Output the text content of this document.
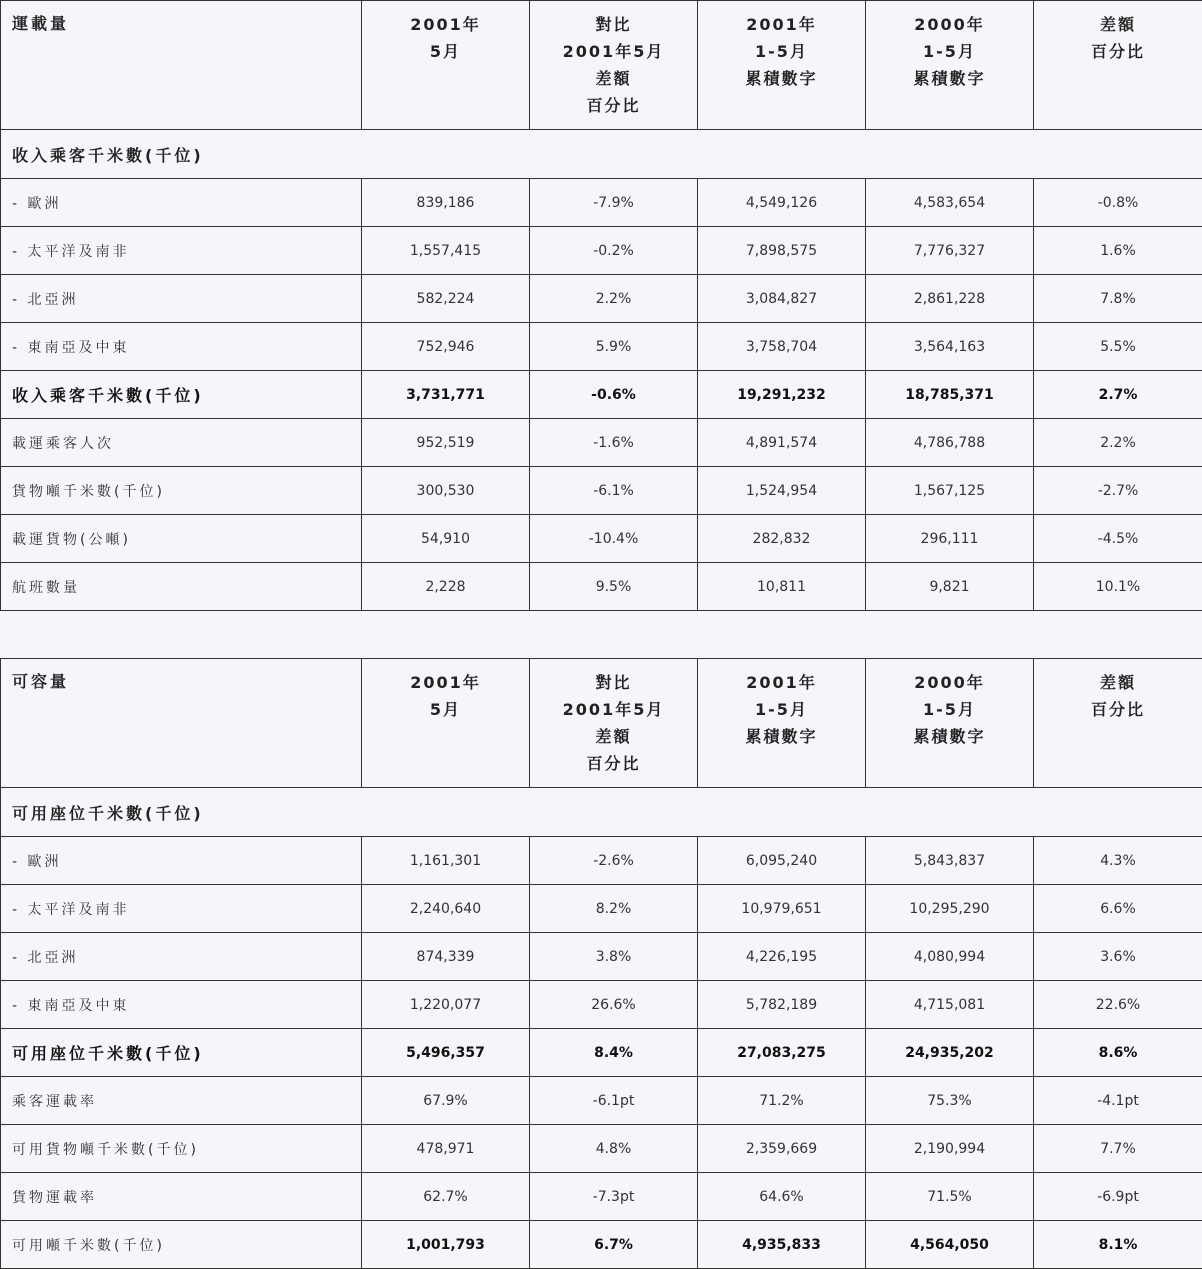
運載量	2001年
5月	對比
2001年5月
差額
百分比	2001年
1-5月
累積數字	2000年
1-5月
累積數字	差額
百分比

收入乘客千米數(千位)					
- 歐洲	839,186	-7.9%	4,549,126	4,583,654	-0.8%
- 太平洋及南非	1,557,415	-0.2%	7,898,575	7,776,327	1.6%
- 北亞洲	582,224	2.2%	3,084,827	2,861,228	7.8%
- 東南亞及中東	752,946	5.9%	3,758,704	3,564,163	5.5%
收入乘客千米數(千位)	3,731,771	-0.6%	19,291,232	18,785,371	2.7%
載運乘客人次	952,519	-1.6%	4,891,574	4,786,788	2.2%
貨物噸千米數(千位)	300,530	-6.1%	1,524,954	1,567,125	-2.7%
載運貨物(公噸)	54,910	-10.4%	282,832	296,111	-4.5%
航班數量	2,228	9.5%	10,811	9,821	10.1%
可容量	2001年
5月	對比
2001年5月
差額
百分比	2001年
1-5月
累積數字	2000年
1-5月
累積數字	差額
百分比

可用座位千米數(千位)					
- 歐洲	1,161,301	-2.6%	6,095,240	5,843,837	4.3%
- 太平洋及南非	2,240,640	8.2%	10,979,651	10,295,290	6.6%
- 北亞洲	874,339	3.8%	4,226,195	4,080,994	3.6%
- 東南亞及中東	1,220,077	26.6%	5,782,189	4,715,081	22.6%
可用座位千米數(千位)	5,496,357	8.4%	27,083,275	24,935,202	8.6%
乘客運載率	67.9%	-6.1pt	71.2%	75.3%	-4.1pt
可用貨物噸千米數(千位)	478,971	4.8%	2,359,669	2,190,994	7.7%
貨物運載率	62.7%	-7.3pt	64.6%	71.5%	-6.9pt
可用噸千米數(千位)	1,001,793	6.7%	4,935,833	4,564,050	8.1%
